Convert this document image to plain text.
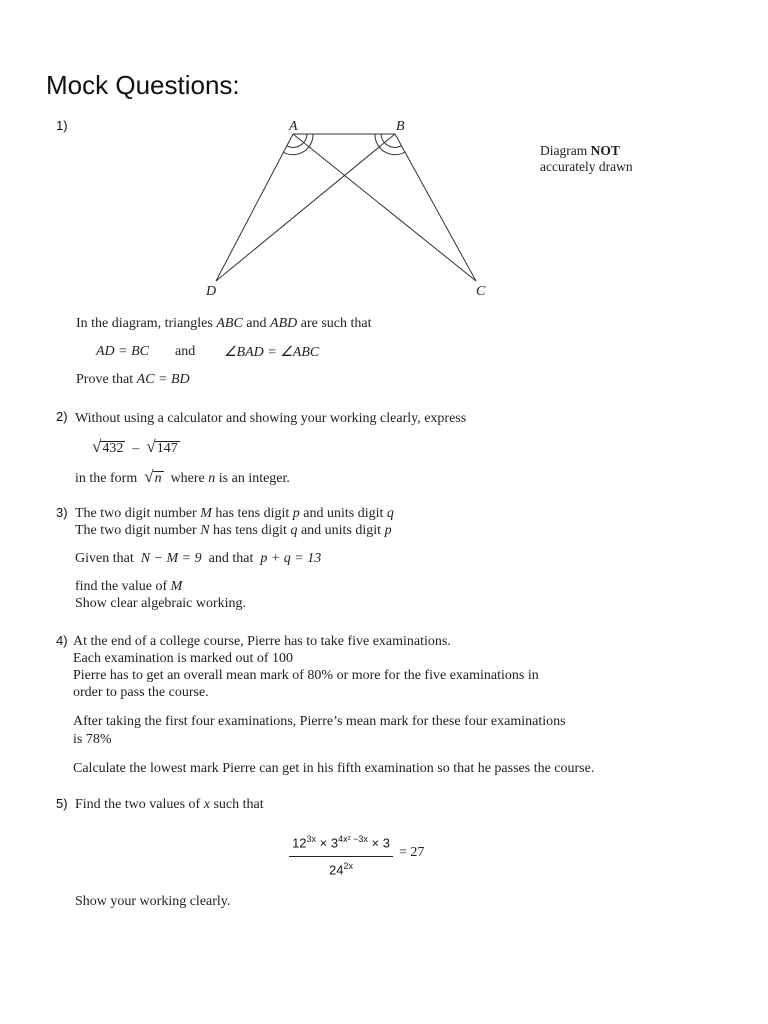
Mock Questions:
1)	A	B
C
D
Diagram NOT
accurately drawn
In the diagram, triangles ABC and ABD are such that
AD = BC and ∠BAD = ∠ABC
Prove that AC = BD
2) Without using a calculator and showing your working clearly, express
√432 – √147
in the form √n where n is an integer.
3) The two digit number M has tens digit p and units digit q
The two digit number N has tens digit q and units digit p
Given that N − M = 9 and that p + q = 13
find the value of M
Show clear algebraic working.
4) At the end of a college course, Pierre has to take five examinations.
Each examination is marked out of 100
Pierre has to get an overall mean mark of 80% or more for the five examinations in
order to pass the course.
After taking the first four examinations, Pierre’s mean mark for these four examinations
is 78%
Calculate the lowest mark Pierre can get in his fifth examination so that he passes the course.
5) Find the two values of x such that
$12^{3x} \times 3^{4x^2 -3x} \times 3$
$24^{2x}$
= 27
Show your working clearly.
